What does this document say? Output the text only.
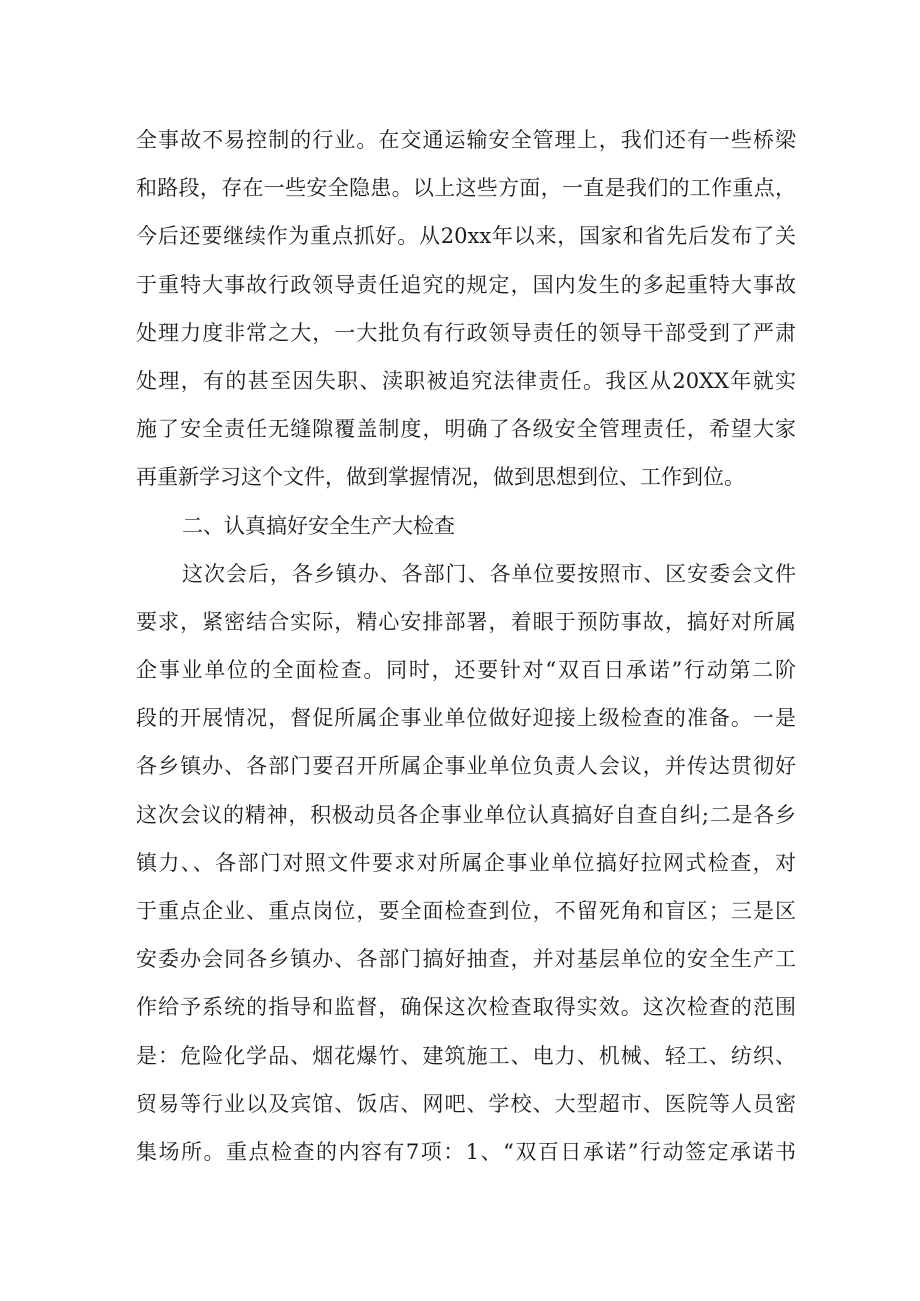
全事故不易控制的行业。在交通运输安全管理上，我们还有一些桥梁
和路段，存在一些安全隐患。以上这些方面，一直是我们的工作重点，
今后还要继续作为重点抓好。从20xx年以来，国家和省先后发布了关
于重特大事故行政领导责任追究的规定，国内发生的多起重特大事故
处理力度非常之大，一大批负有行政领导责任的领导干部受到了严肃
处理，有的甚至因失职、渎职被追究法律责任。我区从20XX年就实
施了安全责任无缝隙覆盖制度，明确了各级安全管理责任，希望大家
再重新学习这个文件，做到掌握情况，做到思想到位、工作到位。
二、认真搞好安全生产大检查
这次会后，各乡镇办、各部门、各单位要按照市、区安委会文件
要求，紧密结合实际，精心安排部署，着眼于预防事故，搞好对所属
企事业单位的全面检查。同时，还要针对“双百日承诺”行动第二阶
段的开展情况，督促所属企事业单位做好迎接上级检查的准备。一是
各乡镇办、各部门要召开所属企事业单位负责人会议，并传达贯彻好
这次会议的精神，积极动员各企事业单位认真搞好自查自纠;二是各乡
镇力、、各部门对照文件要求对所属企事业单位搞好拉网式检查，对
于重点企业、重点岗位，要全面检查到位，不留死角和盲区；三是区
安委办会同各乡镇办、各部门搞好抽查，并对基层单位的安全生产工
作给予系统的指导和监督，确保这次检查取得实效。这次检查的范围
是：危险化学品、烟花爆竹、建筑施工、电力、机械、轻工、纺织、
贸易等行业以及宾馆、饭店、网吧、学校、大型超市、医院等人员密
集场所。重点检查的内容有7项：1、“双百日承诺”行动签定承诺书
